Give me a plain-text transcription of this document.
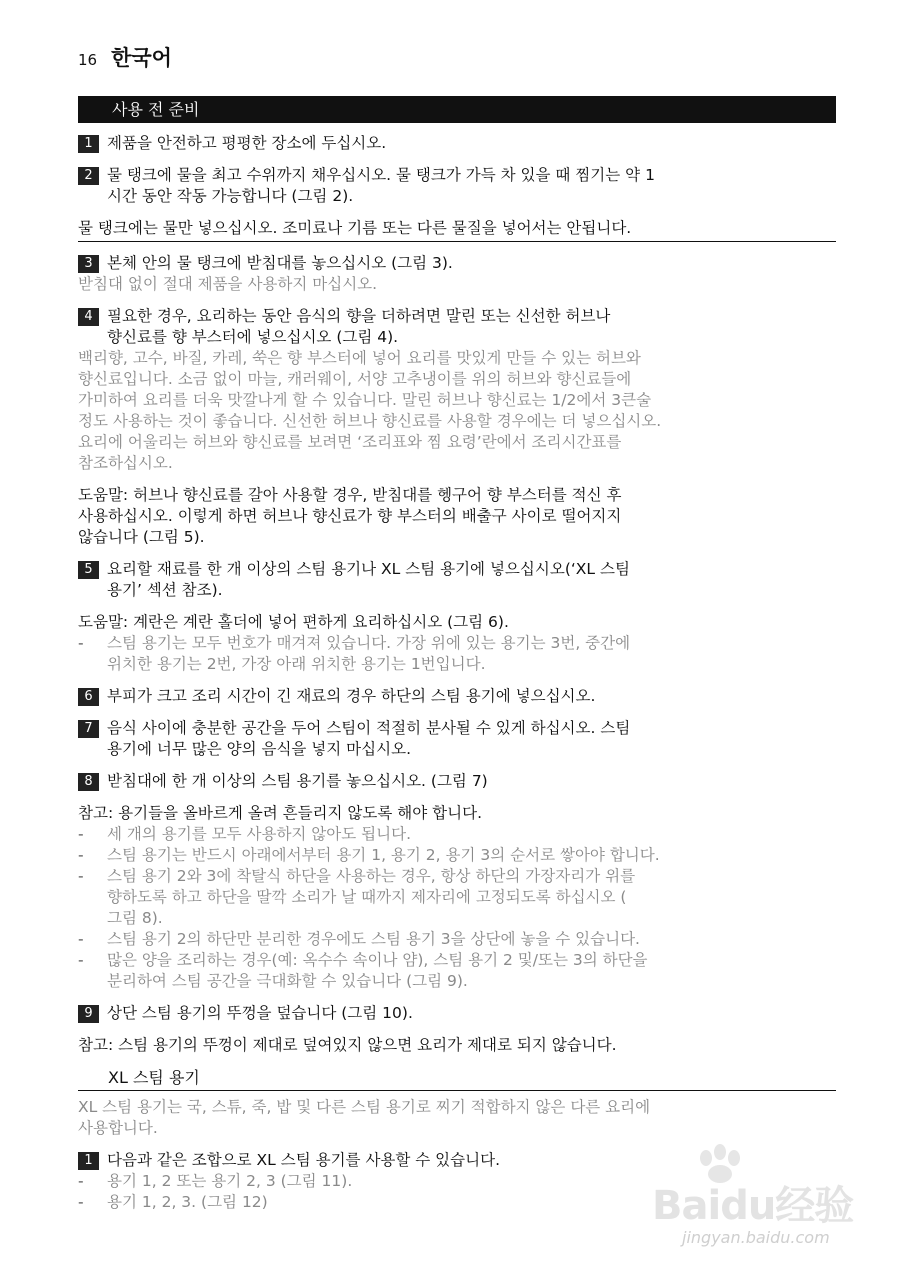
16 한국어
사용 전 준비
1 제품을 안전하고 평평한 장소에 두십시오.
2 물 탱크에 물을 최고 수위까지 채우십시오. 물 탱크가 가득 차 있을 때 찜기는 약 1
시간 동안 작동 가능합니다 (그림 2).
물 탱크에는 물만 넣으십시오. 조미료나 기름 또는 다른 물질을 넣어서는 안됩니다.
3 본체 안의 물 탱크에 받침대를 놓으십시오 (그림 3).
받침대 없이 절대 제품을 사용하지 마십시오.
4 필요한 경우, 요리하는 동안 음식의 향을 더하려면 말린 또는 신선한 허브나
향신료를 향 부스터에 넣으십시오 (그림 4).
백리향, 고수, 바질, 카레, 쑥은 향 부스터에 넣어 요리를 맛있게 만들 수 있는 허브와
향신료입니다. 소금 없이 마늘, 캐러웨이, 서양 고추냉이를 위의 허브와 향신료들에
가미하여 요리를 더욱 맛깔나게 할 수 있습니다. 말린 허브나 향신료는 1/2에서 3큰술
정도 사용하는 것이 좋습니다. 신선한 허브나 향신료를 사용할 경우에는 더 넣으십시오.
요리에 어울리는 허브와 향신료를 보려면 ‘조리표와 찜 요령’란에서 조리시간표를
참조하십시오.
도움말: 허브나 향신료를 갈아 사용할 경우, 받침대를 헹구어 향 부스터를 적신 후
사용하십시오. 이렇게 하면 허브나 향신료가 향 부스터의 배출구 사이로 떨어지지
않습니다 (그림 5).
5 요리할 재료를 한 개 이상의 스팀 용기나 XL 스팀 용기에 넣으십시오(‘XL 스팀
용기’ 섹션 참조).
도움말: 계란은 계란 홀더에 넣어 편하게 요리하십시오 (그림 6).
- 스팀 용기는 모두 번호가 매겨져 있습니다. 가장 위에 있는 용기는 3번, 중간에
위치한 용기는 2번, 가장 아래 위치한 용기는 1번입니다.
6 부피가 크고 조리 시간이 긴 재료의 경우 하단의 스팀 용기에 넣으십시오.
7 음식 사이에 충분한 공간을 두어 스팀이 적절히 분사될 수 있게 하십시오. 스팀
용기에 너무 많은 양의 음식을 넣지 마십시오.
8 받침대에 한 개 이상의 스팀 용기를 놓으십시오. (그림 7)
참고: 용기들을 올바르게 올려 흔들리지 않도록 해야 합니다.
- 세 개의 용기를 모두 사용하지 않아도 됩니다.
- 스팀 용기는 반드시 아래에서부터 용기 1, 용기 2, 용기 3의 순서로 쌓아야 합니다.
- 스팀 용기 2와 3에 착탈식 하단을 사용하는 경우, 항상 하단의 가장자리가 위를
향하도록 하고 하단을 딸깍 소리가 날 때까지 제자리에 고정되도록 하십시오 (
그림 8).
- 스팀 용기 2의 하단만 분리한 경우에도 스팀 용기 3을 상단에 놓을 수 있습니다.
- 많은 양을 조리하는 경우(예: 옥수수 속이나 얌), 스팀 용기 2 및/또는 3의 하단을
분리하여 스팀 공간을 극대화할 수 있습니다 (그림 9).
9 상단 스팀 용기의 뚜껑을 덮습니다 (그림 10).
참고: 스팀 용기의 뚜껑이 제대로 덮여있지 않으면 요리가 제대로 되지 않습니다.
XL 스팀 용기
XL 스팀 용기는 국, 스튜, 죽, 밥 및 다른 스팀 용기로 찌기 적합하지 않은 다른 요리에
사용합니다.
1 다음과 같은 조합으로 XL 스팀 용기를 사용할 수 있습니다.
- 용기 1, 2 또는 용기 2, 3 (그림 11).
- 용기 1, 2, 3. (그림 12)	Baidu经验
jingyan.baidu.com
